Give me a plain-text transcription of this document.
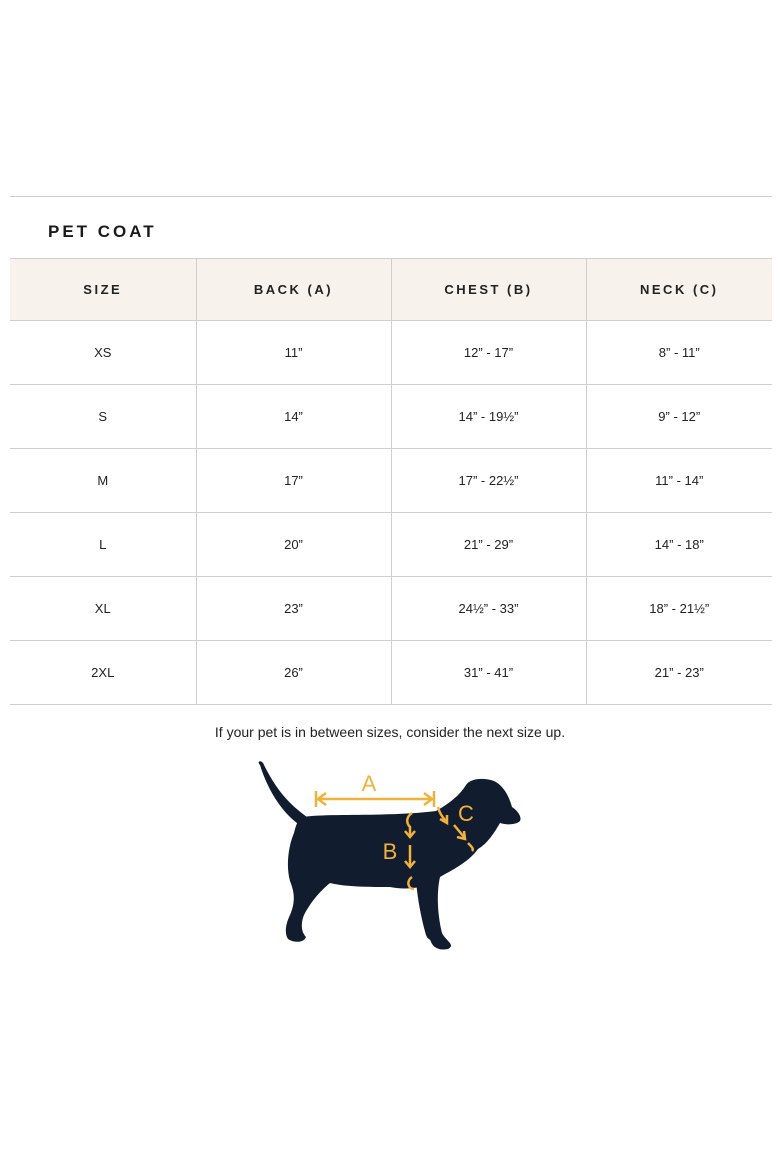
PET COAT
SIZE	BACK (A)	CHEST (B)	NECK (C)
XS	11”	12” - 17”	8” - 11”
S	14”	14” - 19½”	9” - 12”
M	17”	17” - 22½”	11” - 14”
L	20”	21” - 29”	14” - 18”
XL	23”	24½” - 33”	18” - 21½”
2XL	26”	31” - 41”	21” - 23”
If your pet is in between sizes, consider the next size up.
A
B
C
